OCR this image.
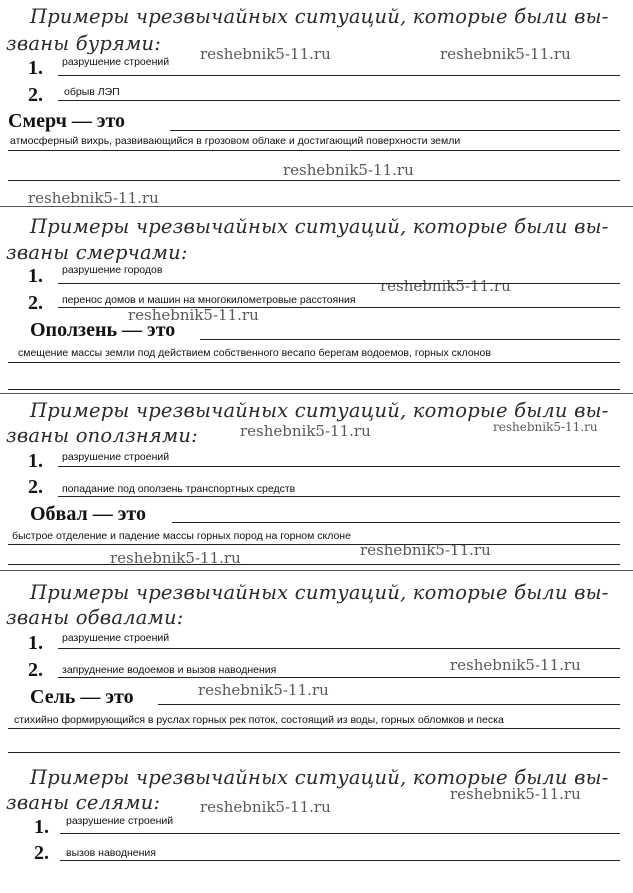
Примеры чрезвычайных ситуаций, которые были вы-
званы бурями:
1. разрушение строений
2. обрыв ЛЭП
Смерч — это
атмосферный вихрь, развивающийся в грозовом облаке и достигающий поверхности земли
Примеры чрезвычайных ситуаций, которые были вы-
званы смерчами:
1. разрушение городов
2. перенос домов и машин на многокилометровые расстояния
Оползень — это
смещение массы земли под действием собственного весапо берегам водоемов, горных склонов
Примеры чрезвычайных ситуаций, которые были вы-
званы оползнями:
1. разрушение строений
2. попадание под оползень транспортных средств
Обвал — это
быстрое отделение и падение массы горных пород на горном склоне
Примеры чрезвычайных ситуаций, которые были вы-
званы обвалами:
1. разрушение строений
2. запруднение водоемов и вызов наводнения
Сель — это
стихийно формирующийся в руслах горных рек поток, состоящий из воды, горных обломков и песка
Примеры чрезвычайных ситуаций, которые были вы-
званы селями:
1. разрушение строений
2. вызов наводнения
reshebnik5-11.ru	reshebnik5-11.ru
reshebnik5-11.ru
reshebnik5-11.ru
reshebnik5-11.ru
reshebnik5-11.ru
reshebnik5-11.ru	reshebnik5-11.ru
reshebnik5-11.ru
reshebnik5-11.ru
reshebnik5-11.ru
reshebnik5-11.ru
reshebnik5-11.ru
reshebnik5-11.ru
